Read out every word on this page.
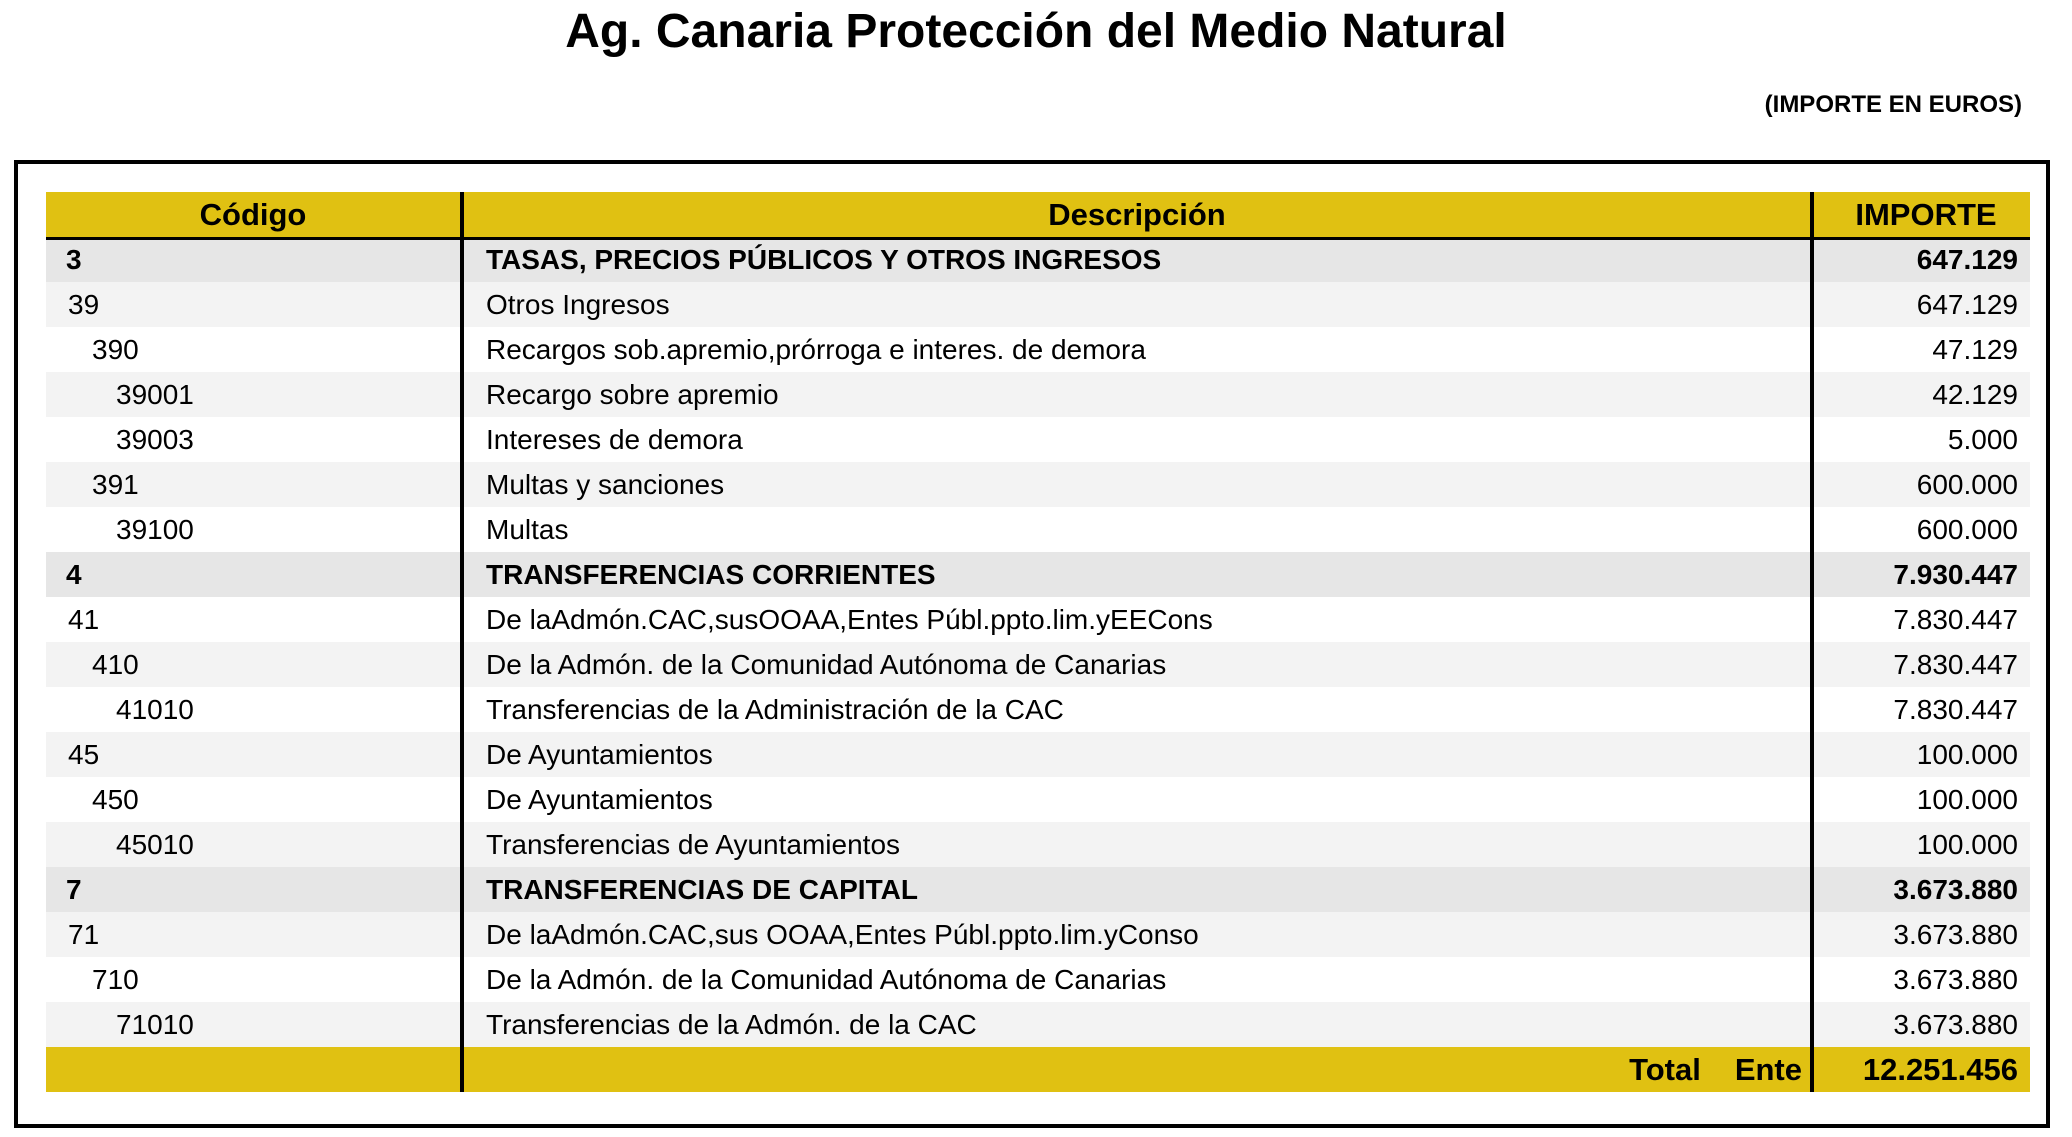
Ag. Canaria Protección del Medio Natural
(IMPORTE EN EUROS)
Código	Descripción	IMPORTE
3	TASAS, PRECIOS PÚBLICOS Y OTROS INGRESOS	647.129
39	Otros Ingresos	647.129
390	Recargos sob.apremio,prórroga e interes. de demora	47.129
39001	Recargo sobre apremio	42.129
39003	Intereses de demora	5.000
391	Multas y sanciones	600.000
39100	Multas	600.000
4	TRANSFERENCIAS CORRIENTES	7.930.447
41	De laAdmón.CAC,susOOAA,Entes Públ.ppto.lim.yEECons	7.830.447
410	De la Admón. de la Comunidad Autónoma de Canarias	7.830.447
41010	Transferencias de la Administración de la CAC	7.830.447
45	De Ayuntamientos	100.000
450	De Ayuntamientos	100.000
45010	Transferencias de Ayuntamientos	100.000
7	TRANSFERENCIAS DE CAPITAL	3.673.880
71	De laAdmón.CAC,sus OOAA,Entes Públ.ppto.lim.yConso	3.673.880
710	De la Admón. de la Comunidad Autónoma de Canarias	3.673.880
71010	Transferencias de la Admón. de la CAC	3.673.880
Total Ente	12.251.456
